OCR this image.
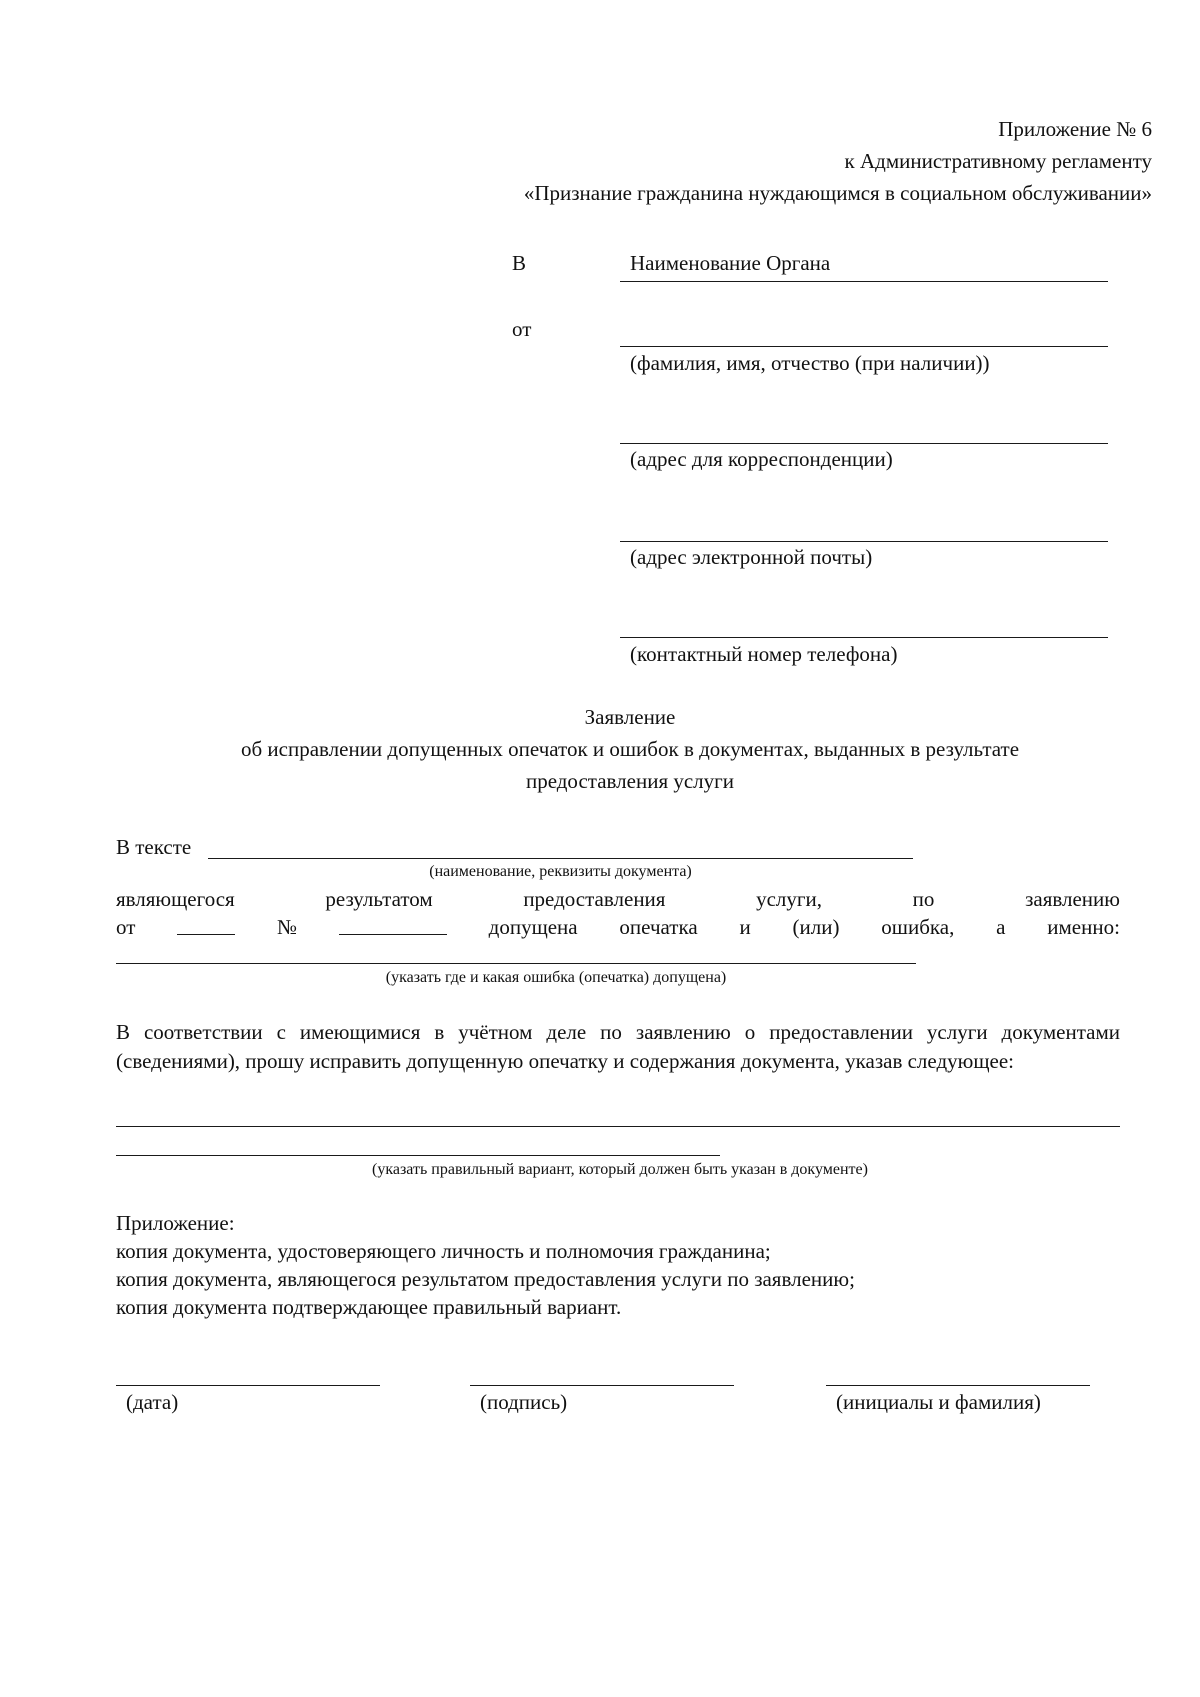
Приложение № 6
к Административному регламенту
«Признание гражданина нуждающимся в социальном обслуживании»
В	Наименование Органа
от
(фамилия, имя, отчество (при наличии))
(адрес для корреспонденции)
(адрес электронной почты)
(контактный номер телефона)
Заявление
об исправлении допущенных опечаток и ошибок в документах, выданных в результате
предоставления услуги
В тексте
(наименование, реквизиты документа)
являющегося	результатом	предоставления	услуги,	по	заявлению
от	№	допущена опечатка и (или) ошибка, а именно:
(указать где и какая ошибка (опечатка) допущена)
В соответствии с имеющимися в учётном деле по заявлению о предоставлении услуги документами (сведениями), прошу исправить допущенную опечатку и содержания документа, указав следующее:
(указать правильный вариант, который должен быть указан в документе)
Приложение:
копия документа, удостоверяющего личность и полномочия гражданина;
копия документа, являющегося результатом предоставления услуги по заявлению;
копия документа подтверждающее правильный вариант.
(дата)	(подпись)	(инициалы и фамилия)
